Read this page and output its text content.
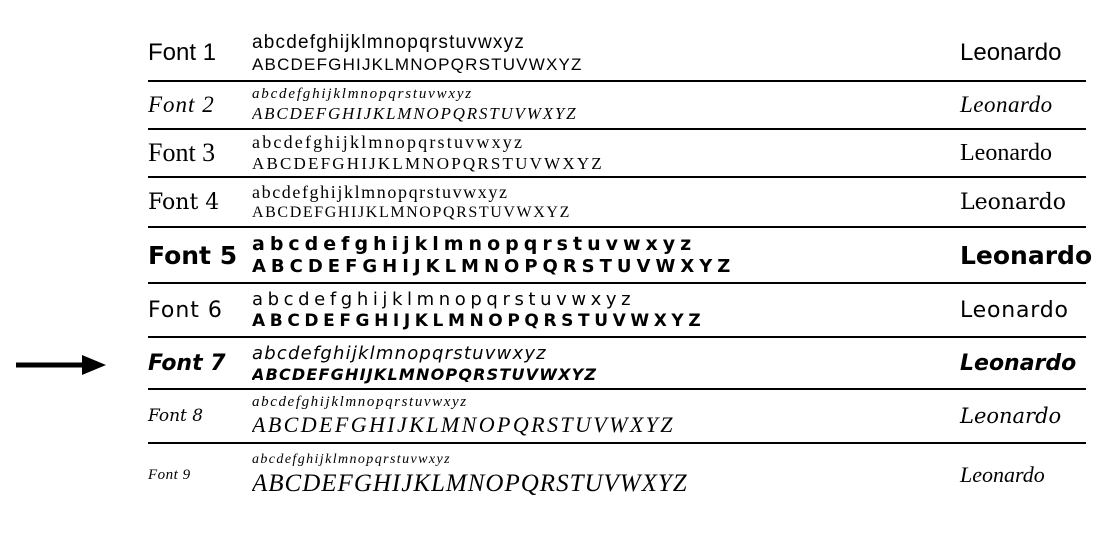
Font 1	abcdefghijklmnopqrstuvwxyz
ABCDEFGHIJKLMNOPQRSTUVWXYZ	Leonardo
Font 2	abcdefghijklmnopqrstuvwxyz
ABCDEFGHIJKLMNOPQRSTUVWXYZ	Leonardo
Font 3	abcdefghijklmnopqrstuvwxyz
ABCDEFGHIJKLMNOPQRSTUVWXYZ	Leonardo
Font 4	abcdefghijklmnopqrstuvwxyz
ABCDEFGHIJKLMNOPQRSTUVWXYZ	Leonardo
Font 5 abcdefghijklmnopqrstuvwxyz
ABCDEFGHIJKLMNOPQRSTUVWXYZ	Leonardo
Font 6	abcdefghijklmnopqrstuvwxyz
ABCDEFGHIJKLMNOPQRSTUVWXYZ	Leonardo
Font 7	abcdefghijklmnopqrstuvwxyz
ABCDEFGHIJKLMNOPQRSTUVWXYZ	Leonardo
Font 8
abcdefghijklmnopqrstuvwxyz
ABCDEFGHIJKLMNOPQRSTUVWXYZ	Leonardo
Font 9
abcdefghijklmnopqrstuvwxyz
ABCDEFGHIJKLMNOPQRSTUVWXYZ	Leonardo
